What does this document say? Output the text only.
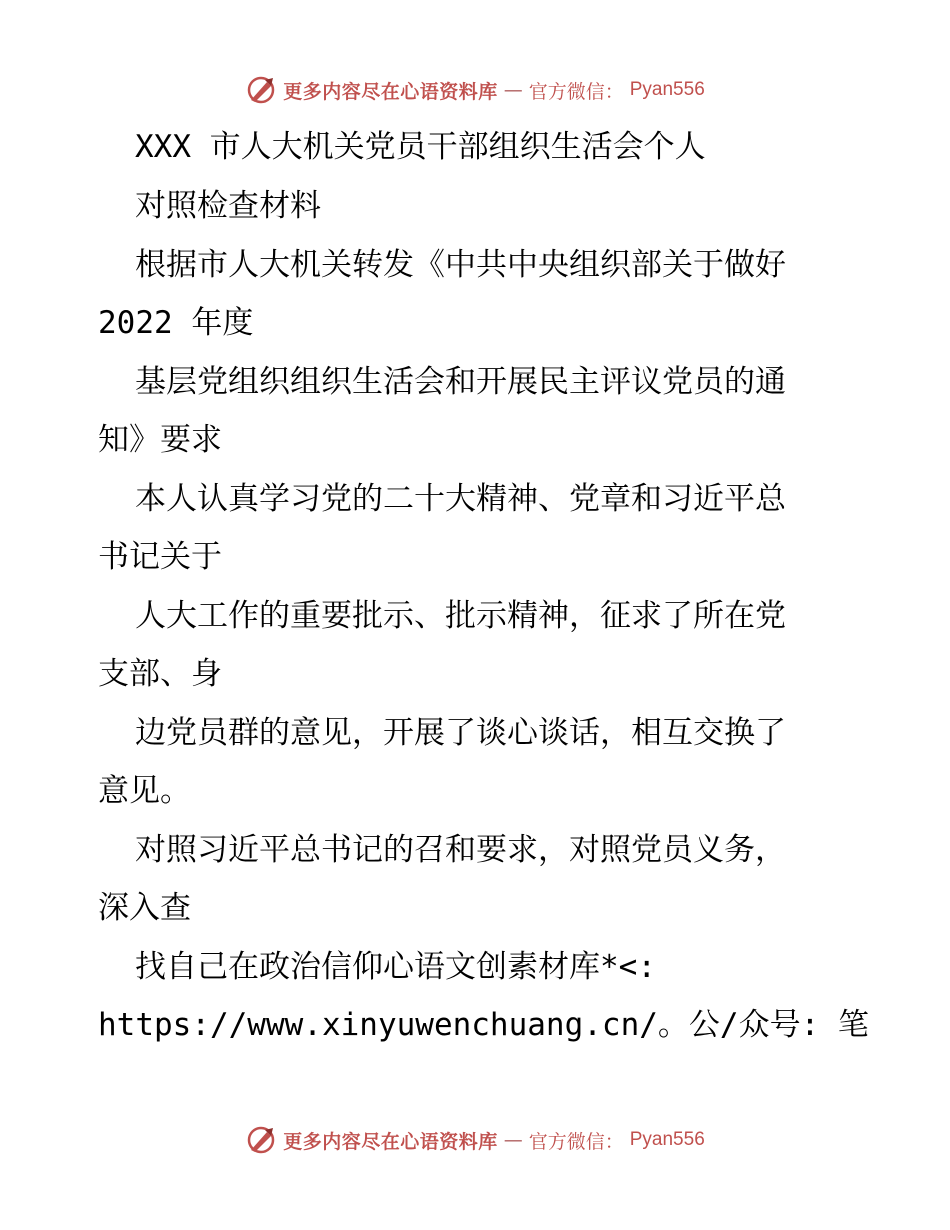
更多内容尽在心语资料库 — 官方微信： Pyan556
XXX 市人大机关党员干部组织生活会个人
对照检查材料
根据市人大机关转发《中共中央组织部关于做好
2022 年度
基层党组织组织生活会和开展民主评议党员的通
知》要求
本人认真学习党的二十大精神、党章和习近平总
书记关于
人大工作的重要批示、批示精神，征求了所在党
支部、身
边党员群的意见，开展了谈心谈话，相互交换了
意见。
对照习近平总书记的召和要求，对照党员义务，
深入查
找自己在政治信仰心语文创素材库*<:
https://www.xinyuwenchuang.cn/。公/众号: 笔
更多内容尽在心语资料库 — 官方微信： Pyan556
